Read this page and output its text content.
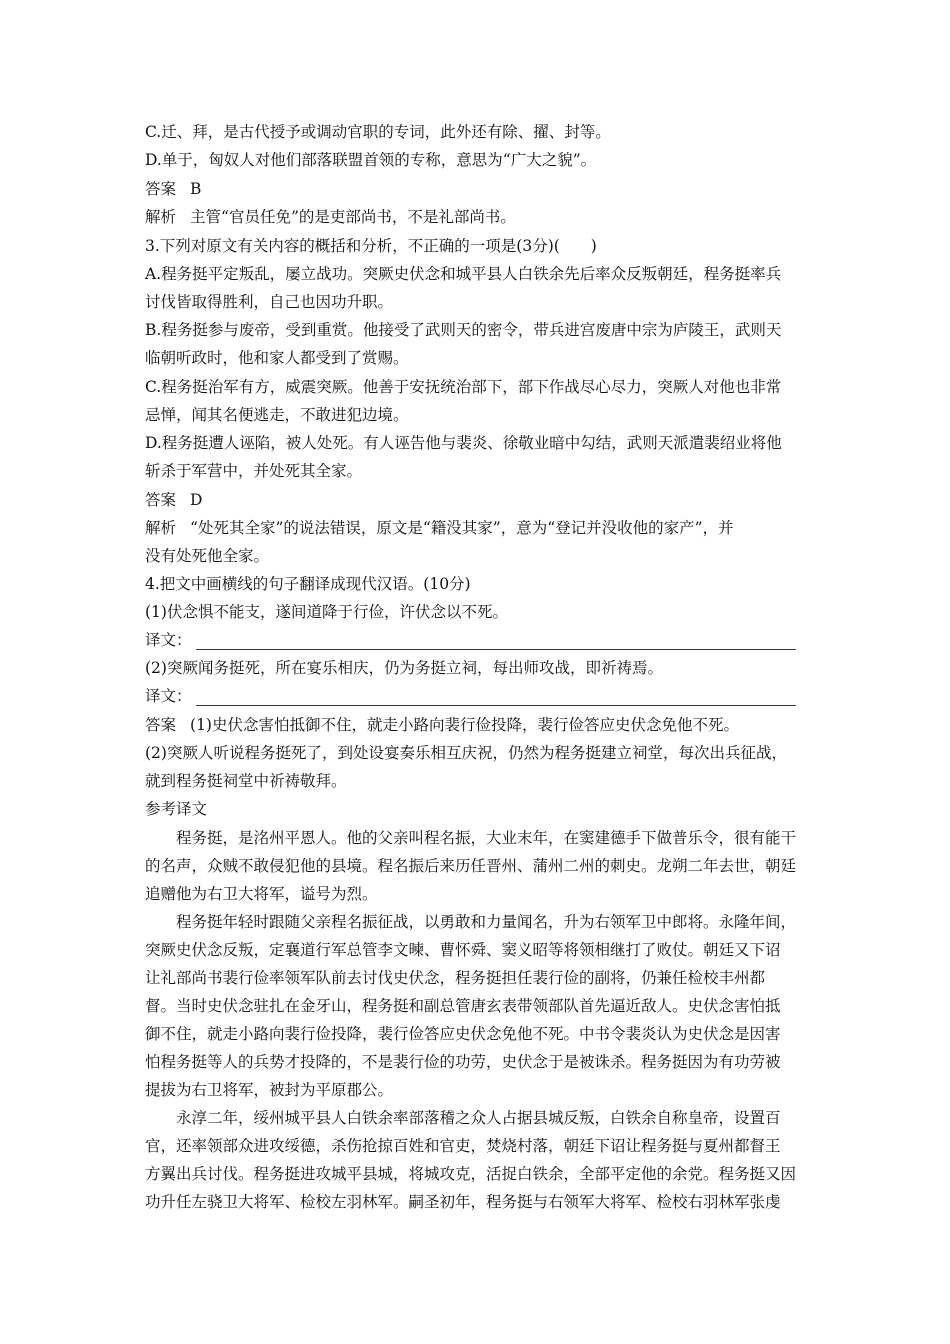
C.迁、拜，是古代授予或调动官职的专词，此外还有除、擢、封等。
D.单于，匈奴人对他们部落联盟首领的专称，意思为“广大之貌”。
答案 B
解析 主管“官员任免”的是吏部尚书，不是礼部尚书。
3.下列对原文有关内容的概括和分析，不正确的一项是(3分)(　　)
A.程务挺平定叛乱，屡立战功。突厥史伏念和城平县人白铁余先后率众反叛朝廷，程务挺率兵
讨伐皆取得胜利，自己也因功升职。
B.程务挺参与废帝，受到重赏。他接受了武则天的密令，带兵进宫废唐中宗为庐陵王，武则天
临朝听政时，他和家人都受到了赏赐。
C.程务挺治军有方，威震突厥。他善于安抚统治部下，部下作战尽心尽力，突厥人对他也非常
忌惮，闻其名便逃走，不敢进犯边境。
D.程务挺遭人诬陷，被人处死。有人诬告他与裴炎、徐敬业暗中勾结，武则天派遣裴绍业将他
斩杀于军营中，并处死其全家。
答案 D
解析 “处死其全家”的说法错误，原文是“籍没其家”，意为“登记并没收他的家产”，并
没有处死他全家。
4.把文中画横线的句子翻译成现代汉语。(10分)
(1)伏念惧不能支，遂间道降于行俭，许伏念以不死。
译文：
(2)突厥闻务挺死，所在宴乐相庆，仍为务挺立祠，每出师攻战，即祈祷焉。
译文：
答案 (1)史伏念害怕抵御不住，就走小路向裴行俭投降，裴行俭答应史伏念免他不死。
(2)突厥人听说程务挺死了，到处设宴奏乐相互庆祝，仍然为程务挺建立祠堂，每次出兵征战，
就到程务挺祠堂中祈祷敬拜。
参考译文
程务挺，是洺州平恩人。他的父亲叫程名振，大业末年，在窦建德手下做普乐令，很有能干
的名声，众贼不敢侵犯他的县境。程名振后来历任晋州、蒲州二州的刺史。龙朔二年去世，朝廷
追赠他为右卫大将军，谥号为烈。
程务挺年轻时跟随父亲程名振征战，以勇敢和力量闻名，升为右领军卫中郎将。永隆年间，
突厥史伏念反叛，定襄道行军总管李文暕、曹怀舜、窦义昭等将领相继打了败仗。朝廷又下诏
让礼部尚书裴行俭率领军队前去讨伐史伏念，程务挺担任裴行俭的副将，仍兼任检校丰州都
督。当时史伏念驻扎在金牙山，程务挺和副总管唐玄表带领部队首先逼近敌人。史伏念害怕抵
御不住，就走小路向裴行俭投降，裴行俭答应史伏念免他不死。中书令裴炎认为史伏念是因害
怕程务挺等人的兵势才投降的，不是裴行俭的功劳，史伏念于是被诛杀。程务挺因为有功劳被
提拔为右卫将军，被封为平原郡公。
永淳二年，绥州城平县人白铁余率部落稽之众人占据县城反叛，白铁余自称皇帝，设置百
官，还率领部众进攻绥德，杀伤抢掠百姓和官吏，焚烧村落，朝廷下诏让程务挺与夏州都督王
方翼出兵讨伐。程务挺进攻城平县城，将城攻克，活捉白铁余，全部平定他的余党。程务挺又因
功升任左骁卫大将军、检校左羽林军。嗣圣初年，程务挺与右领军大将军、检校右羽林军张虔
